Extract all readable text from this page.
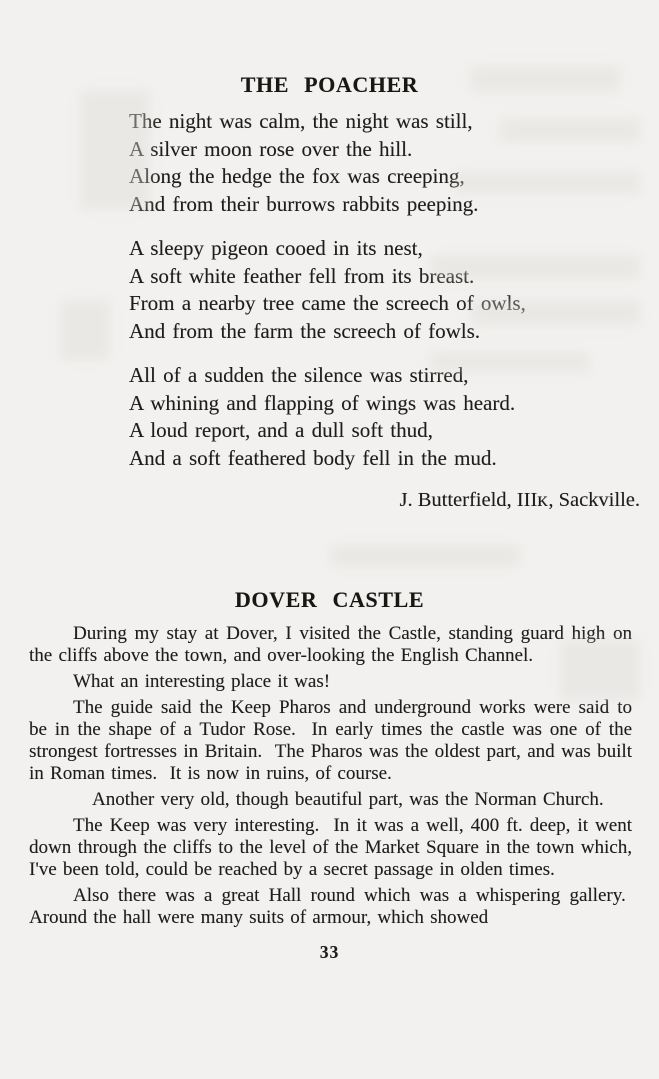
THE POACHER
The night was calm, the night was still,
A silver moon rose over the hill.
Along the hedge the fox was creeping,
And from their burrows rabbits peeping.
A sleepy pigeon cooed in its nest,
A soft white feather fell from its breast.
From a nearby tree came the screech of owls,
And from the farm the screech of fowls.
All of a sudden the silence was stirred,
A whining and flapping of wings was heard.
A loud report, and a dull soft thud,
And a soft feathered body fell in the mud.
J. Butterfield, IIIᴋ, Sackville.
DOVER CASTLE

During my stay at Dover, I visited the Castle, standing guard high on the cliffs above the town, and over-looking the English Channel.

What an interesting place it was!

The guide said the Keep Pharos and underground works were said to be in the shape of a Tudor Rose.  In early times the castle was one of the strongest fortresses in Britain.  The Pharos was the oldest part, and was built in Roman times.  It is now in ruins, of course.

Another very old, though beautiful part, was the Norman Church.

The Keep was very interesting.  In it was a well, 400 ft. deep, it went down through the cliffs to the level of the Market Square in the town which, I've been told, could be reached by a secret passage in olden times.

Also there was a great Hall round which was a whispering gallery.  Around the hall were many suits of armour, which showed

33
